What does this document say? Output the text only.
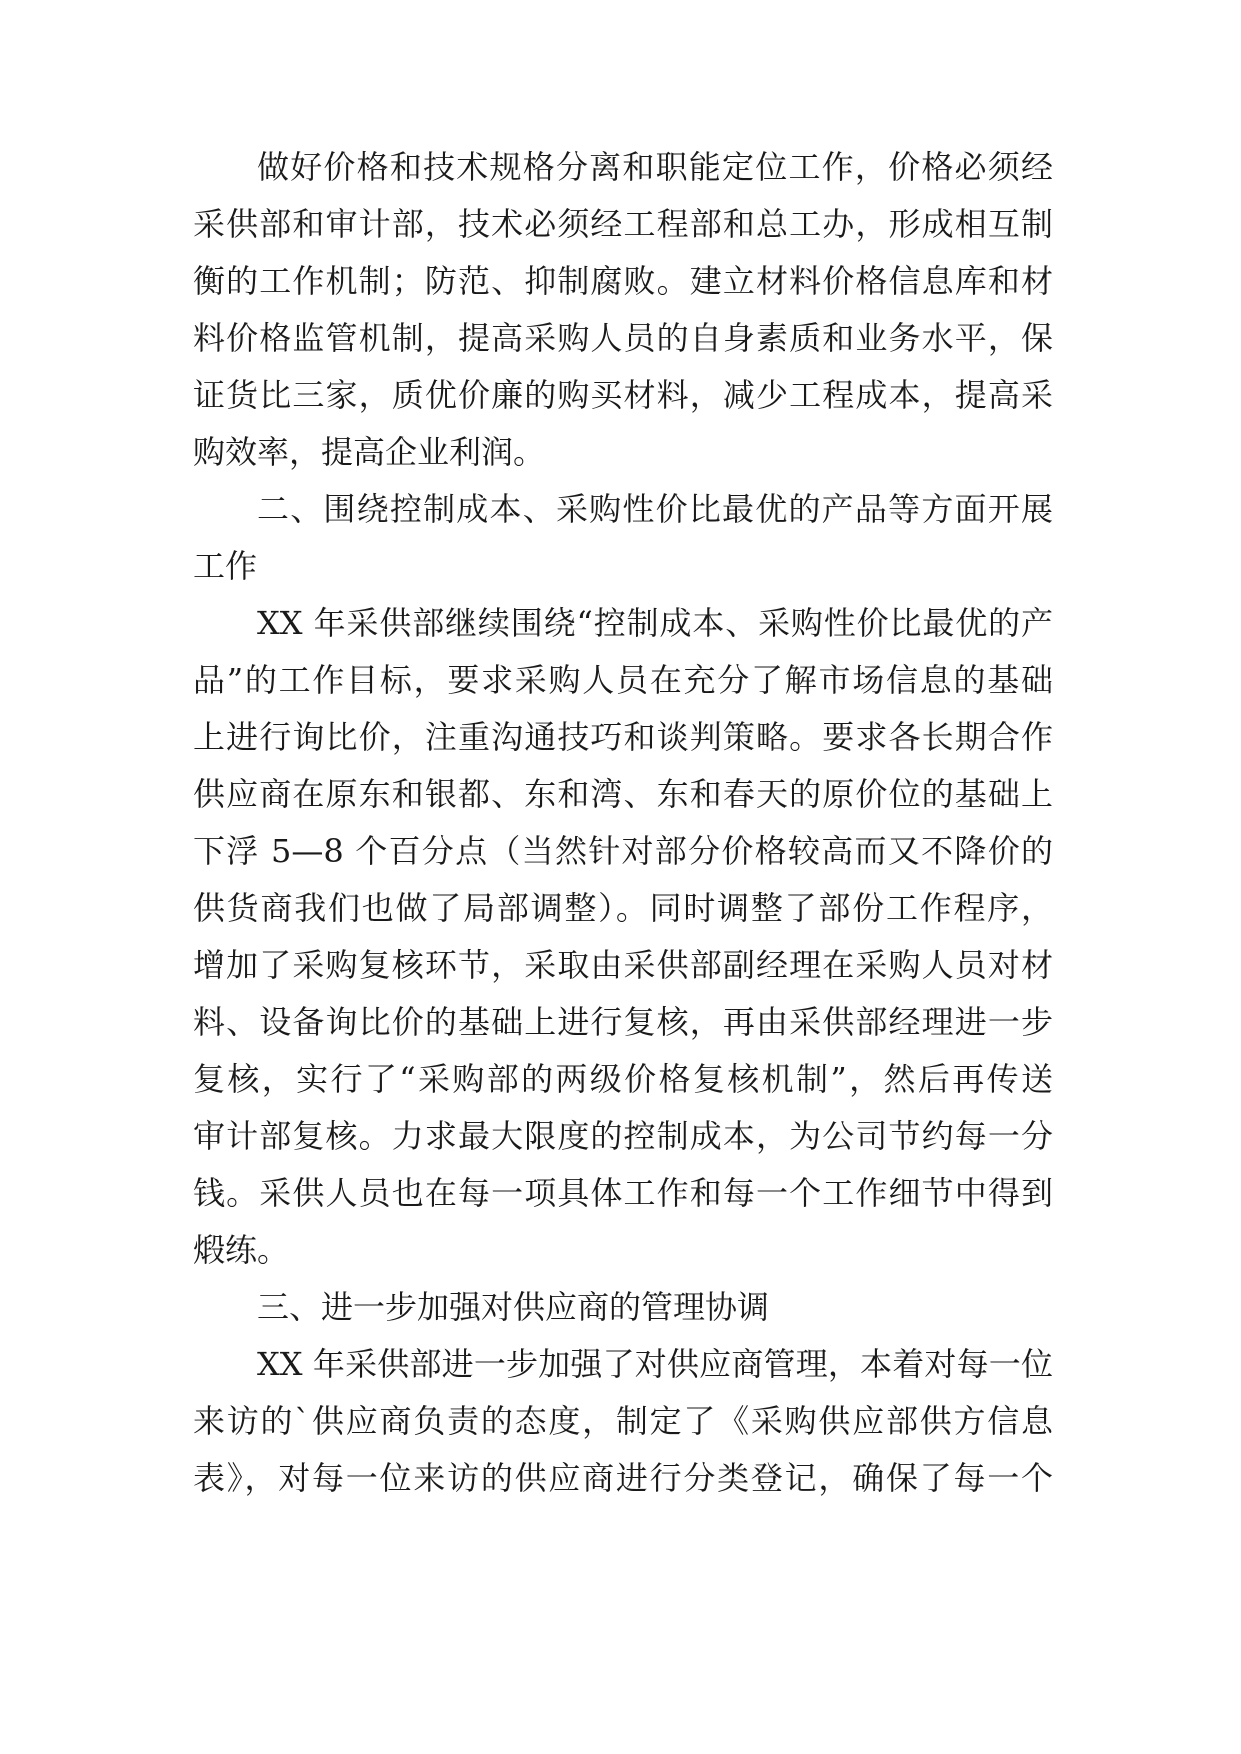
做好价格和技术规格分离和职能定位工作，价格必须经
采供部和审计部，技术必须经工程部和总工办，形成相互制
衡的工作机制；防范、抑制腐败。建立材料价格信息库和材
料价格监管机制，提高采购人员的自身素质和业务水平，保
证货比三家，质优价廉的购买材料，减少工程成本，提高采
购效率，提高企业利润。
二、围绕控制成本、采购性价比最优的产品等方面开展
工作
XX 年采供部继续围绕“控制成本、采购性价比最优的产
品”的工作目标，要求采购人员在充分了解市场信息的基础
上进行询比价，注重沟通技巧和谈判策略。要求各长期合作
供应商在原东和银都、东和湾、东和春天的原价位的基础上
下浮 5—8 个百分点（当然针对部分价格较高而又不降价的
供货商我们也做了局部调整）。同时调整了部份工作程序，
增加了采购复核环节，采取由采供部副经理在采购人员对材
料、设备询比价的基础上进行复核，再由采供部经理进一步
复核，实行了“采购部的两级价格复核机制”，然后再传送
审计部复核。力求最大限度的控制成本，为公司节约每一分
钱。采供人员也在每一项具体工作和每一个工作细节中得到
煅练。
三、进一步加强对供应商的管理协调
XX 年采供部进一步加强了对供应商管理，本着对每一位
来访的`供应商负责的态度，制定了《采购供应部供方信息
表》，对每一位来访的供应商进行分类登记，确保了每一个
